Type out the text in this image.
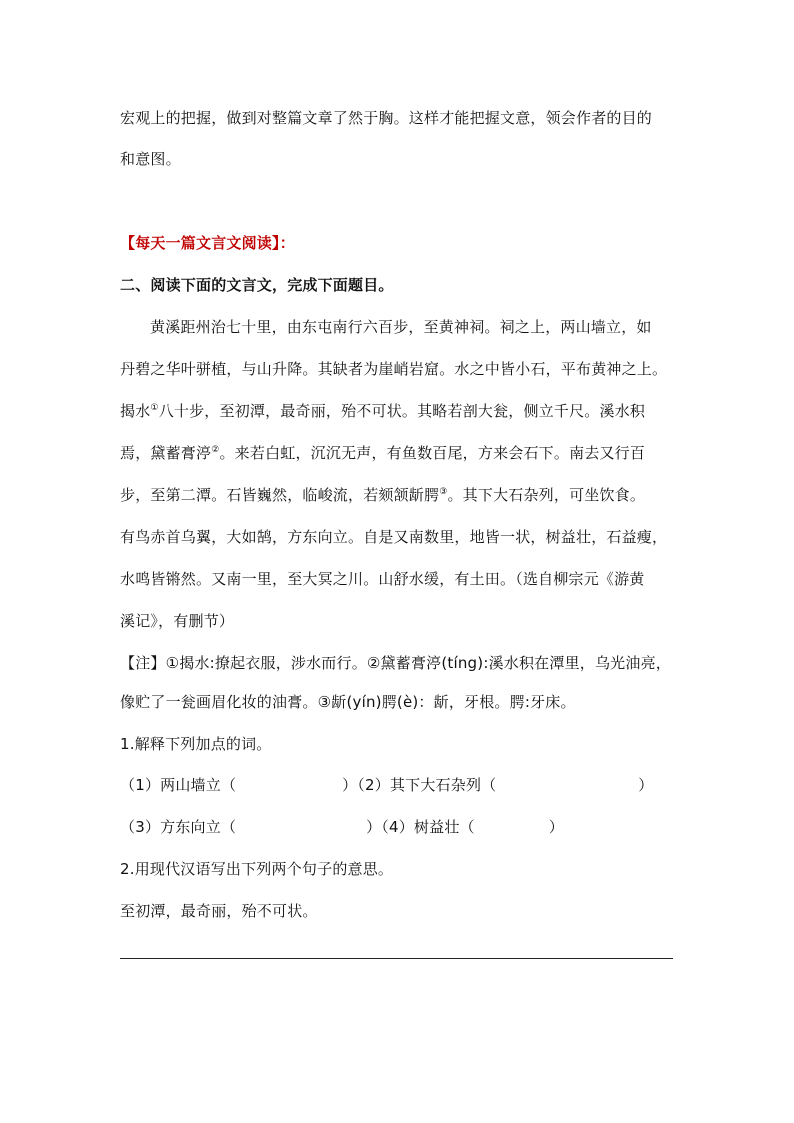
宏观上的把握，做到对整篇文章了然于胸。这样才能把握文意，领会作者的目的
和意图。
【每天一篇文言文阅读】：
二、阅读下面的文言文，完成下面题目。
黄溪距州治七十里，由东屯南行六百步，至黄神祠。祠之上，两山墙立，如
丹碧之华叶骈植，与山升降。其缺者为崖峭岩窟。水之中皆小石，平布黄神之上。
揭水①八十步，至初潭，最奇丽，殆不可状。其略若剖大瓮，侧立千尺。溪水积
焉，黛蓄膏渟②。来若白虹，沉沉无声，有鱼数百尾，方来会石下。南去又行百
步，至第二潭。石皆巍然，临峻流，若颏颔龂腭③。其下大石杂列，可坐饮食。
有鸟赤首乌翼，大如鹄，方东向立。自是又南数里，地皆一状，树益壮，石益瘦，
水鸣皆锵然。又南一里，至大冥之川。山舒水缓，有土田。（选自柳宗元《游黄
溪记》，有删节）
【注】①揭水:撩起衣服，涉水而行。②黛蓄膏渟(tíng):溪水积在潭里，乌光油亮，
像贮了一瓮画眉化妆的油膏。③龂(yín)腭(è)：龂，牙根。腭:牙床。
1.解释下列加点的词。
（1）两山墙立（	）（2）其下大石杂列（	）
（3）方东向立（	）（4）树益壮（	）
2.用现代汉语写出下列两个句子的意思。
至初潭，最奇丽，殆不可状。
